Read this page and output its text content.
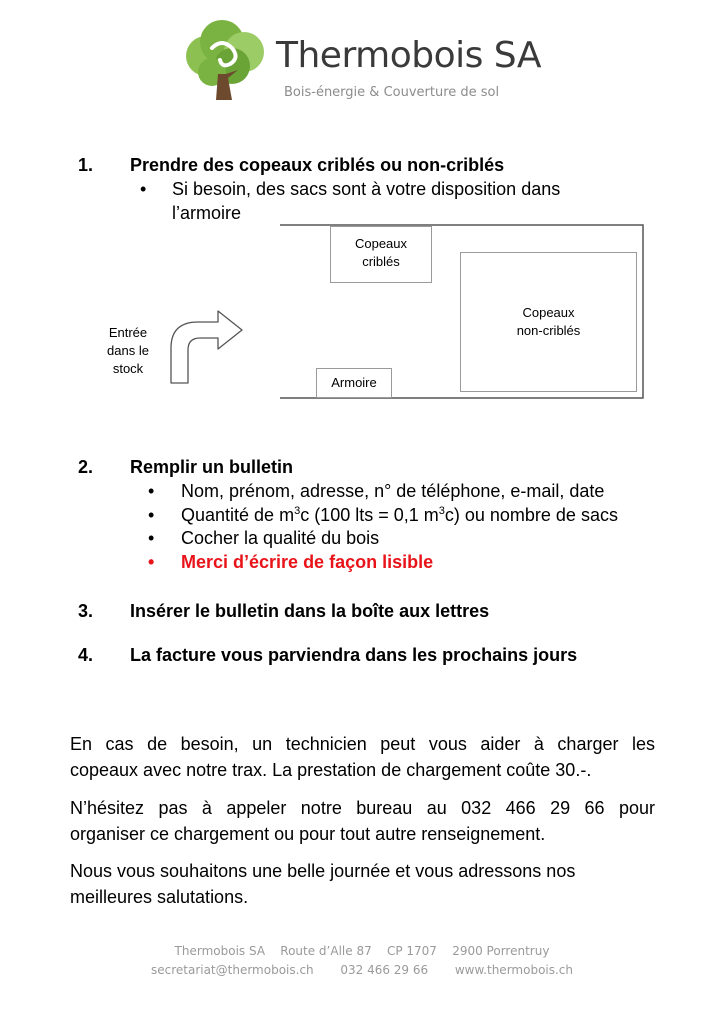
Thermobois SA
Bois-énergie & Couverture de sol
1. Prendre des copeaux criblés ou non-criblés
• Si besoin, des sacs sont à votre disposition dans
l’armoire
Entrée
dans le
stock
Copeaux
criblés
Copeaux
non-criblés
Armoire
2. Remplir un bulletin
• Nom, prénom, adresse, n° de téléphone, e-mail, date
• Quantité de $m^3c$ (100 lts = 0,1 $m^3c$) ou nombre de sacs
• Cocher la qualité du bois
• Merci d’écrire de façon lisible
3. Insérer le bulletin dans la boîte aux lettres
4. La facture vous parviendra dans les prochains jours
En cas de besoin, un technicien peut vous aider à charger les
copeaux avec notre trax. La prestation de chargement coûte 30.-.
N’hésitez pas à appeler notre bureau au 032 466 29 66 pour
organiser ce chargement ou pour tout autre renseignement.
Nous vous souhaitons une belle journée et vous adressons nos
meilleures salutations.
Thermobois SA    Route d’Alle 87    CP 1707    2900 Porrentruy
secretariat@thermobois.ch       032 466 29 66       www.thermobois.ch
